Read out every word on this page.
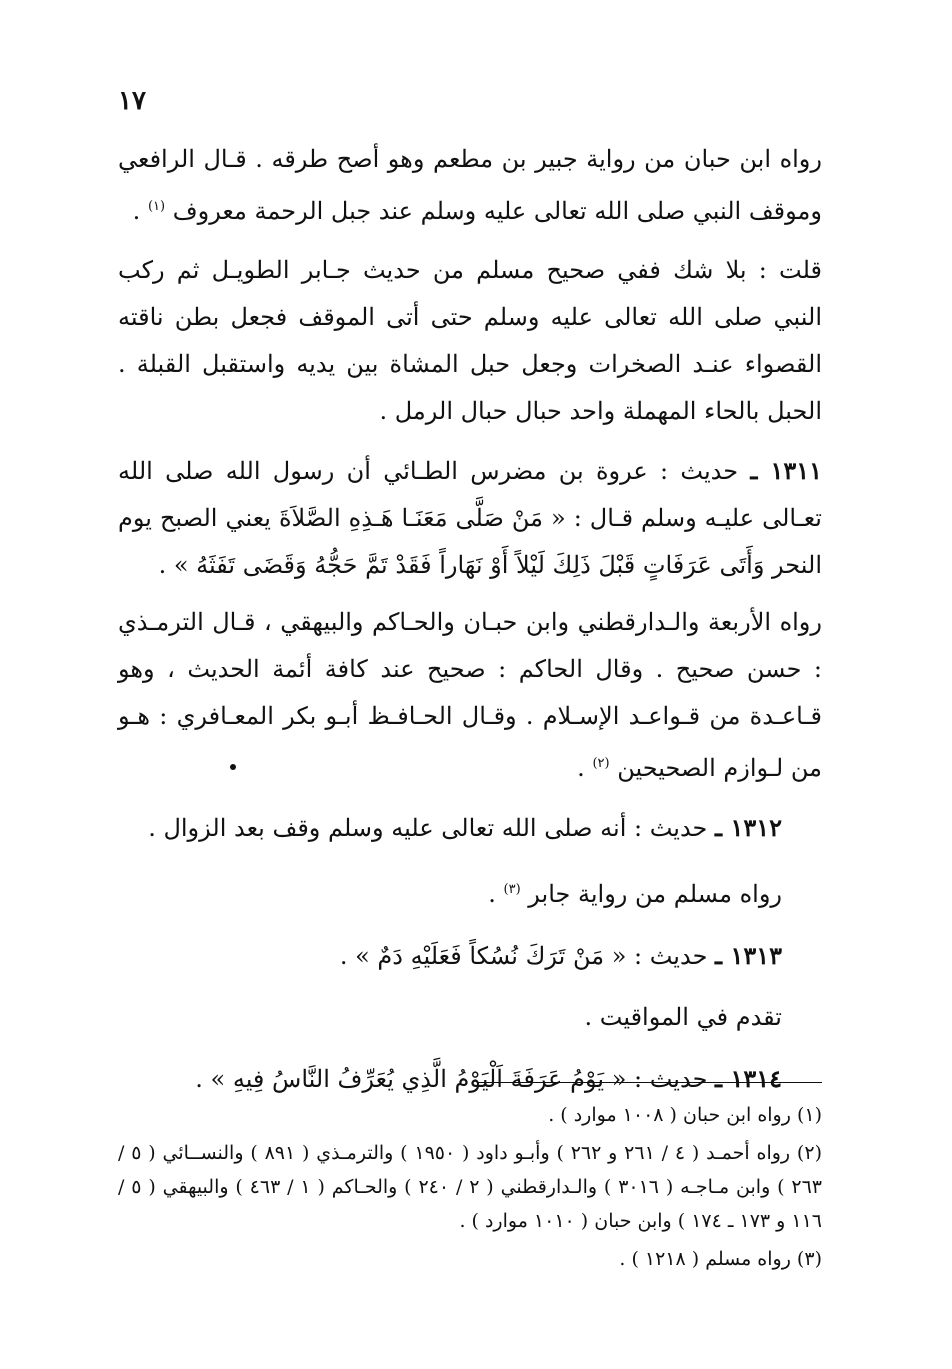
١٧

رواه ابن حبان من رواية جبير بن مطعم وهو أصح طرقه . قـال الرافعي وموقف النبي صلى الله تعالى عليه وسلم عند جبل الرحمة معروف $^{(١)}$ .

قلت : بلا شك ففي صحيح مسلم من حديث جـابر الطويـل ثم ركب النبي صلى الله تعالى عليه وسلم حتى أتى الموقف فجعل بطن ناقته القصواء عنـد الصخرات وجعل حبل المشاة بين يديه واستقبل القبلة . الحبل بالحاء المهملة واحد حبال حبال الرمل .

١٣١١ ـ حديث : عروة بن مضرس الطـائي أن رسول الله صلى الله تعـالى عليـه وسلم قـال : « مَنْ صَلَّى مَعَنَـا هَـذِهِ الصَّلاَةَ يعني الصبح يوم النحر وَأَتَى عَرَفَاتٍ قَبْلَ ذَلِكَ لَيْلاً أَوْ نَهَاراً فَقَدْ تَمَّ حَجُّهُ وَقَضَى تَفَثَهُ » .

رواه الأربعة والـدارقطني وابن حبـان والحـاكم والبيهقي ، قـال الترمـذي : حسن صحيح . وقال الحاكم : صحيح عند كافة أئمة الحديث ، وهو قـاعـدة من قـواعـد الإسـلام . وقـال الحـافـظ أبـو بكر المعـافري : هـو من لـوازم الصحيحين $^{(٢)}$ .

١٣١٢ ـ حديث : أنه صلى الله تعالى عليه وسلم وقف بعد الزوال .

رواه مسلم من رواية جابر $^{(٣)}$ .

١٣١٣ ـ حديث : « مَنْ تَرَكَ نُسُكاً فَعَلَيْهِ دَمٌ » .

تقدم في المواقيت .

١٣١٤ ـ حديث : « يَوْمُ عَرَفَةَ اَلْيَوْمُ الَّذِي يُعَرِّفُ النَّاسُ فِيهِ » .

(١) رواه ابن حبان ( ١٠٠٨ موارد ) .

(٢) رواه أحمـد ( ٤ / ٢٦١ و ٢٦٢ ) وأبـو داود ( ١٩٥٠ ) والترمـذي ( ٨٩١ ) والنســائي ( ٥ / ٢٦٣ ) وابن مـاجـه ( ٣٠١٦ ) والـدارقطني ( ٢ / ٢٤٠ ) والحـاكم ( ١ / ٤٦٣ ) والبيهقي ( ٥ / ١١٦ و ١٧٣ ـ ١٧٤ ) وابن حبان ( ١٠١٠ موارد ) .

(٣) رواه مسلم ( ١٢١٨ ) .
